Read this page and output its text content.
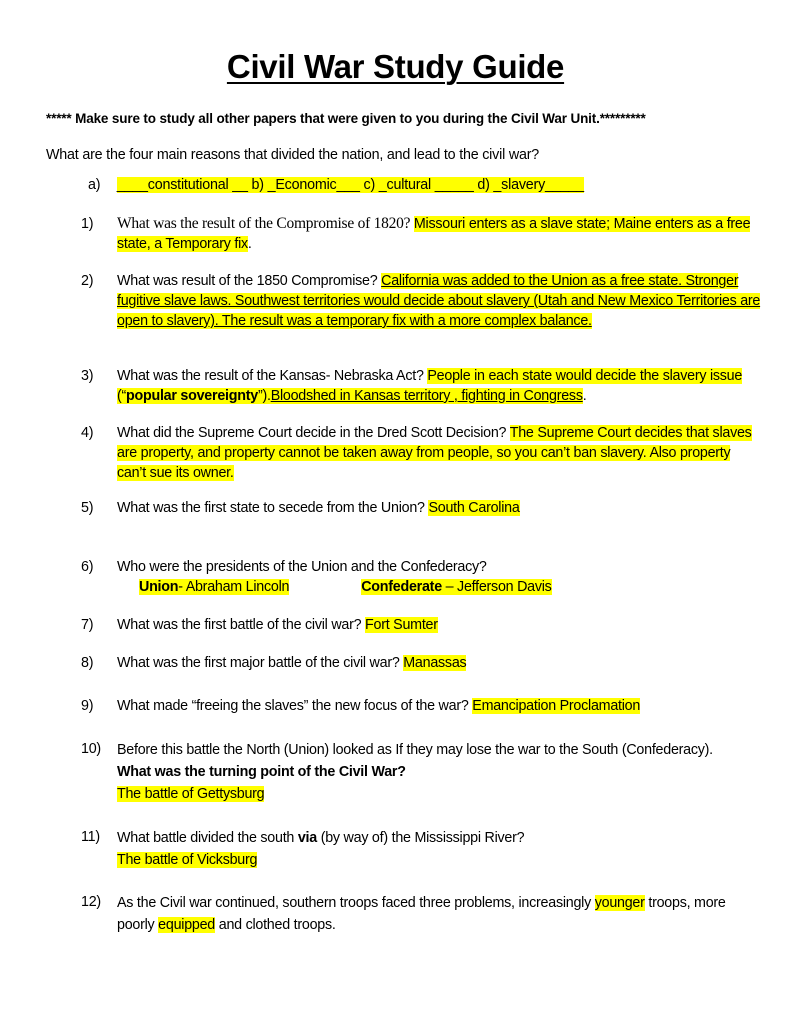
Civil War Study Guide
***** Make sure to study all other papers that were given to you during the Civil War Unit.*********
What are the four main reasons that divided the nation, and lead to the civil war?
a) ____constitutional __ b) _Economic___ c) _cultural _____ d) _slavery_____
1)	What was the result of the Compromise of 1820? Missouri enters as a slave state; Maine enters as a free state, a Temporary fix.
2)	What was result of the 1850 Compromise? California was added to the Union as a free state. Stronger fugitive slave laws. Southwest territories would decide about slavery (Utah and New Mexico Territories are open to slavery). The result was a temporary fix with a more complex balance.
3)	What was the result of the Kansas- Nebraska Act? People in each state would decide the slavery issue (“popular sovereignty”).Bloodshed in Kansas territory , fighting in Congress.
4)	What did the Supreme Court decide in the Dred Scott Decision? The Supreme Court decides that slaves are property, and property cannot be taken away from people, so you can’t ban slavery. Also property can’t sue its owner.
5)	What was the first state to secede from the Union? South Carolina
6)	Who were the presidents of the Union and the Confederacy?
Union- Abraham Lincoln	Confederate – Jefferson Davis
7)	What was the first battle of the civil war? Fort Sumter
8)	What was the first major battle of the civil war? Manassas
9)	What made “freeing the slaves” the new focus of the war? Emancipation Proclamation
10)	Before this battle the North (Union) looked as If they may lose the war to the South (Confederacy).
What was the turning point of the Civil War?
The battle of Gettysburg
11)	What battle divided the south via (by way of) the Mississippi River?
The battle of Vicksburg
12)	As the Civil war continued, southern troops faced three problems, increasingly younger troops, more poorly equipped and clothed troops.
